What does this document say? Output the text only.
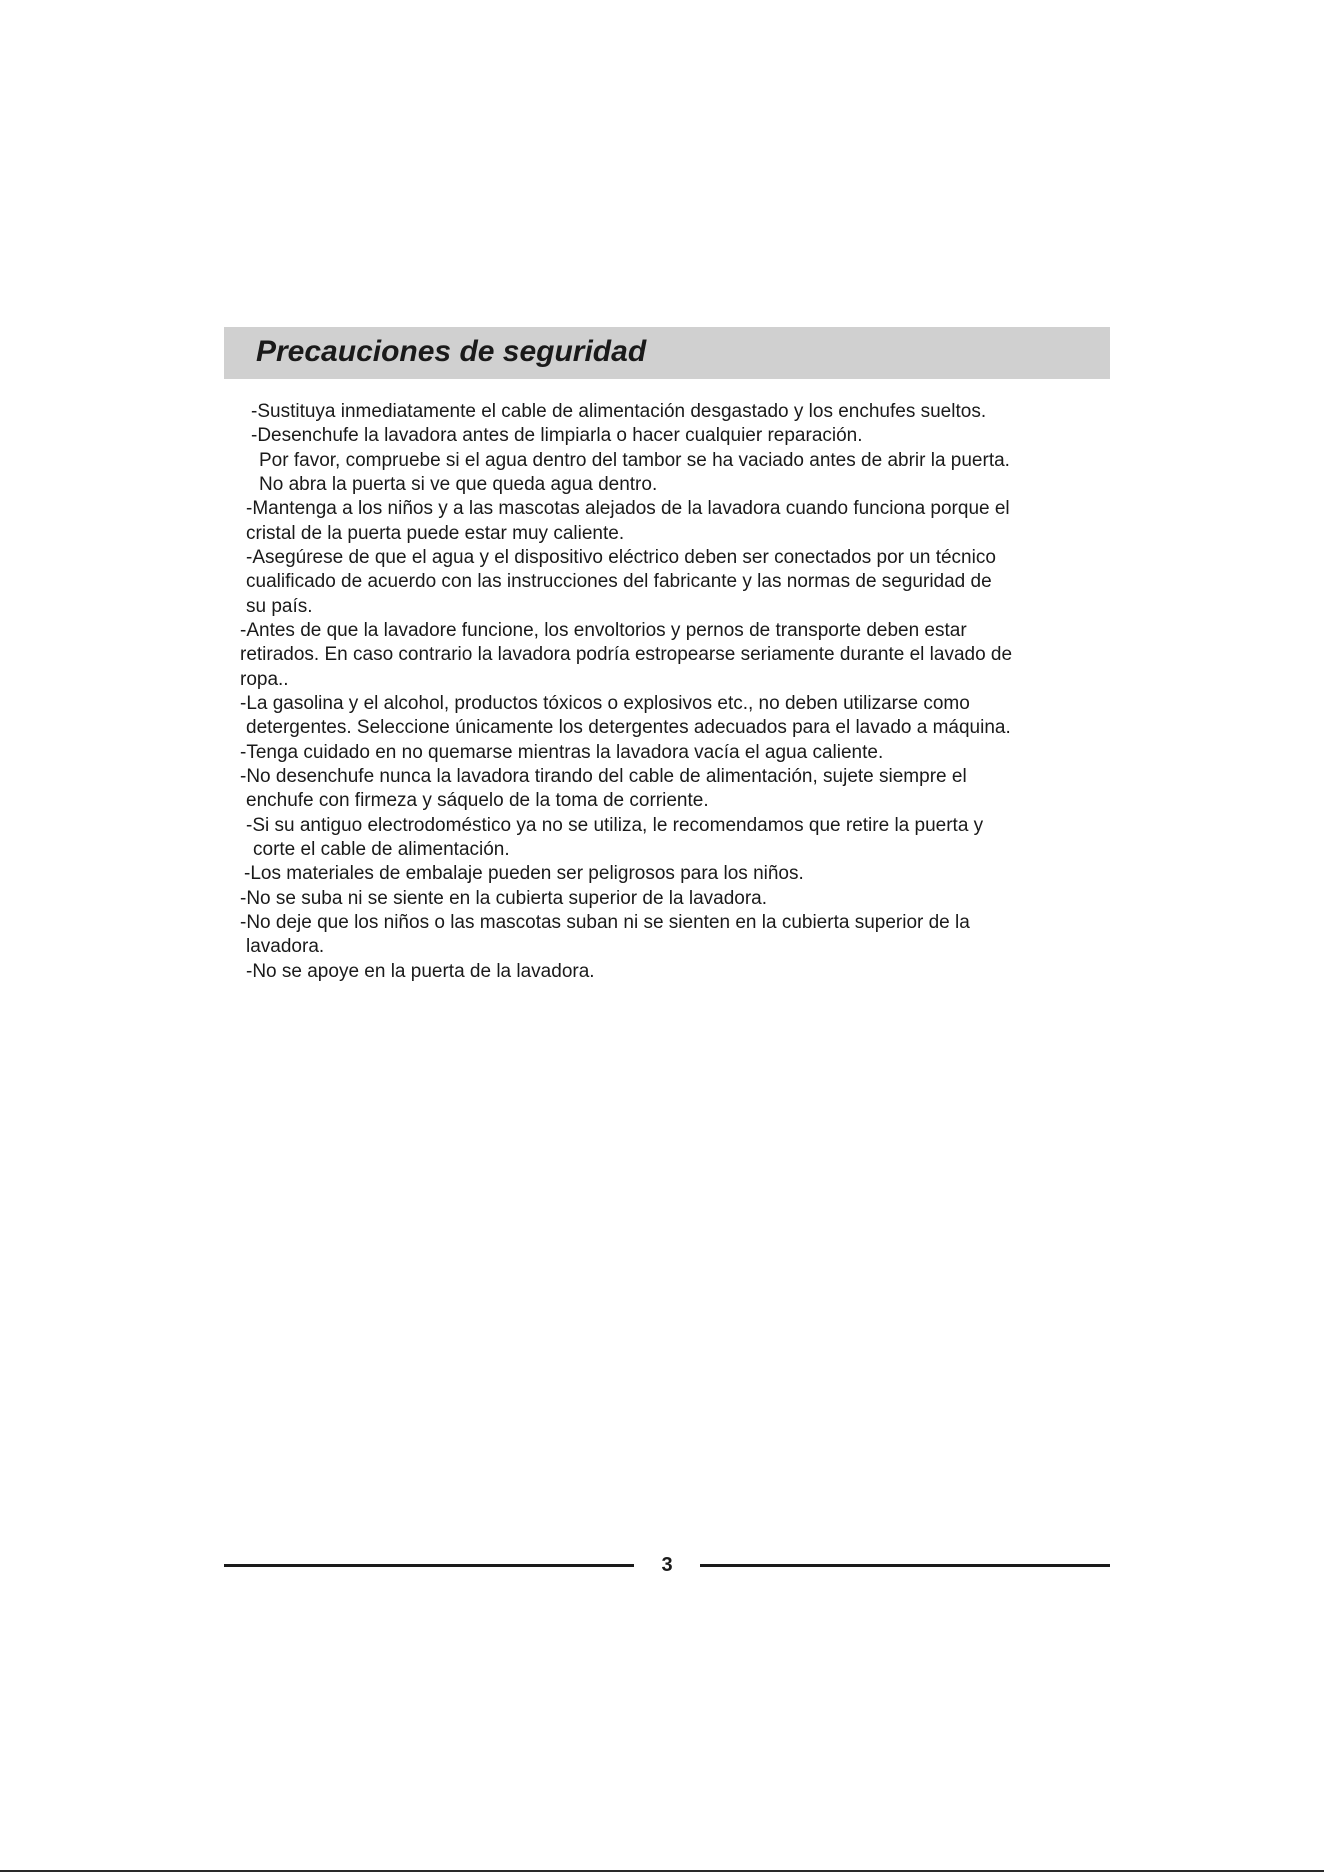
Precauciones de seguridad
-Sustituya inmediatamente el cable de alimentación desgastado y los enchufes sueltos.
-Desenchufe la lavadora antes de limpiarla o hacer cualquier reparación.
Por favor, compruebe si el agua dentro del tambor se ha vaciado antes de abrir la puerta.
No abra la puerta si ve que queda agua dentro.
-Mantenga a los niños y a las mascotas alejados de la lavadora cuando funciona porque el
cristal de la puerta puede estar muy caliente.
-Asegúrese de que el agua y el dispositivo eléctrico deben ser conectados por un técnico
cualificado de acuerdo con las instrucciones del fabricante y las normas de seguridad de
su país.
-Antes de que la lavadore funcione, los envoltorios y pernos de transporte deben estar
retirados. En caso contrario la lavadora podría estropearse seriamente durante el lavado de
ropa..
-La gasolina y el alcohol, productos tóxicos o explosivos etc., no deben utilizarse como
detergentes. Seleccione únicamente los detergentes adecuados para el lavado a máquina.
-Tenga cuidado en no quemarse mientras la lavadora vacía el agua caliente.
-No desenchufe nunca la lavadora tirando del cable de alimentación, sujete siempre el
enchufe con firmeza y sáquelo de la toma de corriente.
-Si su antiguo electrodoméstico ya no se utiliza, le recomendamos que retire la puerta y
corte el cable de alimentación.
-Los materiales de embalaje pueden ser peligrosos para los niños.
-No se suba ni se siente en la cubierta superior de la lavadora.
-No deje que los niños o las mascotas suban ni se sienten en la cubierta superior de la
lavadora.
-No se apoye en la puerta de la lavadora.
3
